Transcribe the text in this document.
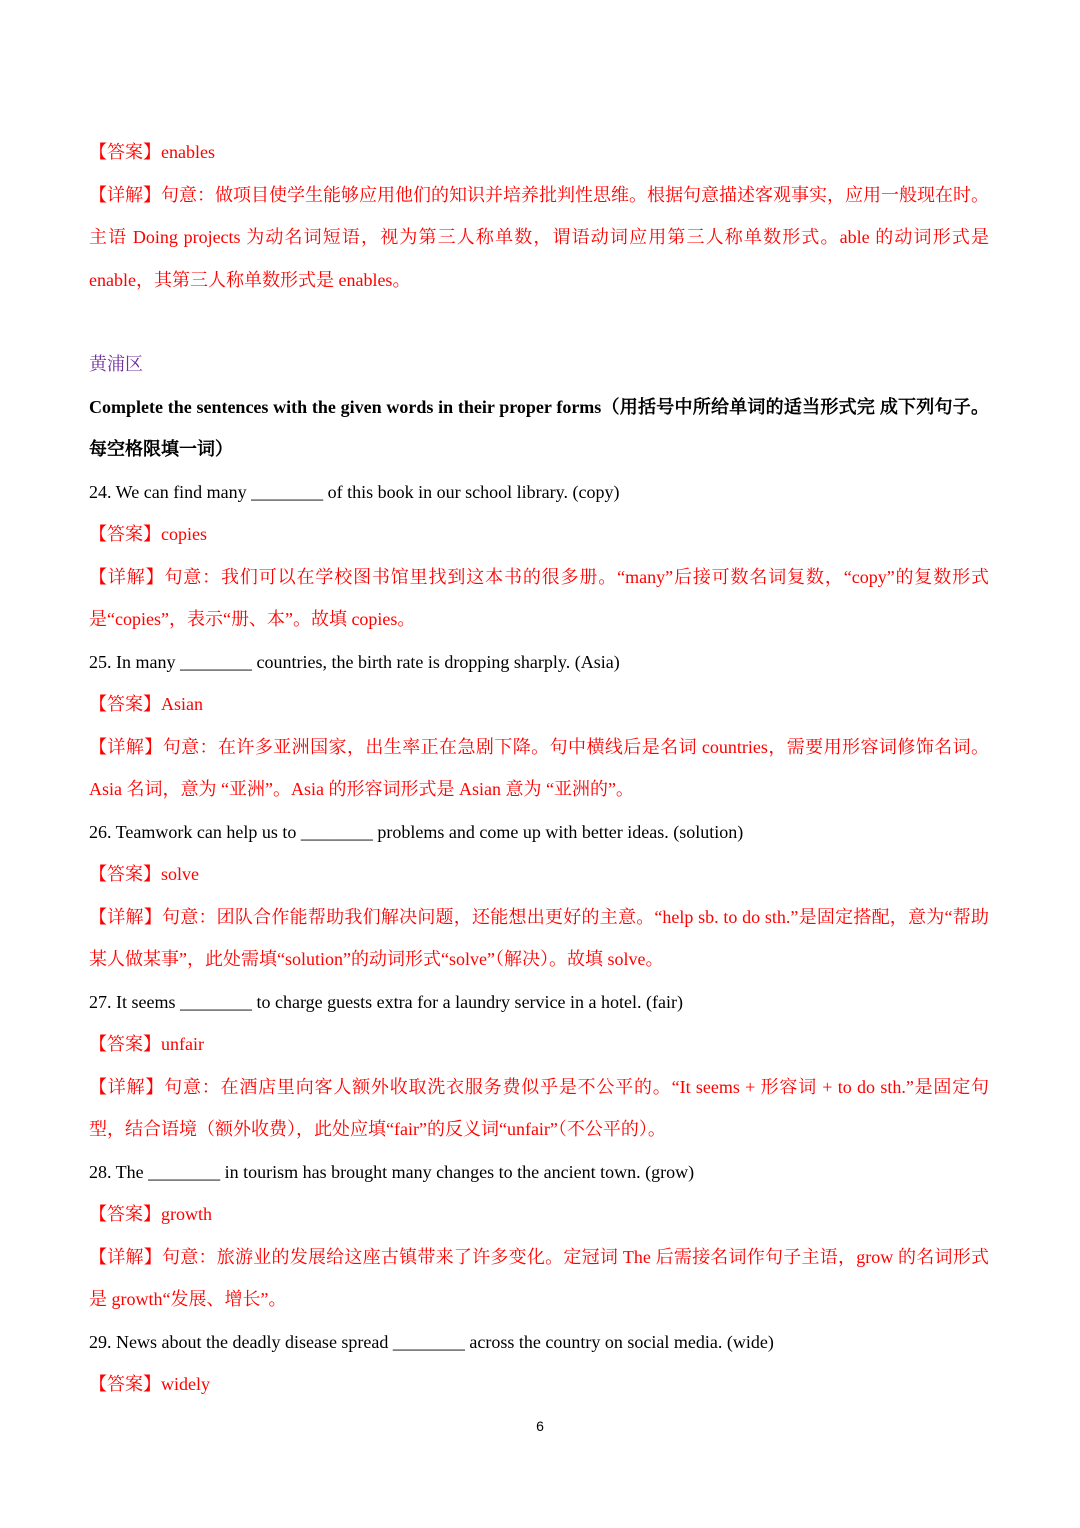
【答案】enables
【详解】句意：做项目使学生能够应用他们的知识并培养批判性思维。根据句意描述客观事实，应用一般现在时。主语 Doing projects 为动名词短语，视为第三人称单数，谓语动词应用第三人称单数形式。able 的动词形式是 enable，其第三人称单数形式是 enables。
黄浦区
Complete the sentences with the given words in their proper forms（用括号中所给单词的适当形式完 成下列句子。每空格限填一词）
24. We can find many ________ of this book in our school library. (copy)
【答案】copies
【详解】句意：我们可以在学校图书馆里找到这本书的很多册。“many”后接可数名词复数，“copy”的复数形式是“copies”，表示“册、本”。故填 copies。
25. In many ________ countries, the birth rate is dropping sharply. (Asia)
【答案】Asian
【详解】句意：在许多亚洲国家，出生率正在急剧下降。句中横线后是名词 countries，需要用形容词修饰名词。Asia 名词，意为 “亚洲”。Asia 的形容词形式是 Asian 意为 “亚洲的”。
26. Teamwork can help us to ________ problems and come up with better ideas. (solution)
【答案】solve
【详解】句意：团队合作能帮助我们解决问题，还能想出更好的主意。“help sb. to do sth.”是固定搭配，意为“帮助某人做某事”，此处需填“solution”的动词形式“solve”（解决）。故填 solve。
27. It seems ________ to charge guests extra for a laundry service in a hotel. (fair)
【答案】unfair
【详解】句意：在酒店里向客人额外收取洗衣服务费似乎是不公平的。“It seems + 形容词 + to do sth.”是固定句型，结合语境（额外收费），此处应填“fair”的反义词“unfair”（不公平的）。
28. The ________ in tourism has brought many changes to the ancient town. (grow)
【答案】growth
【详解】句意：旅游业的发展给这座古镇带来了许多变化。定冠词 The 后需接名词作句子主语，grow 的名词形式是 growth“发展、增长”。
29. News about the deadly disease spread ________ across the country on social media. (wide)
【答案】widely
6
